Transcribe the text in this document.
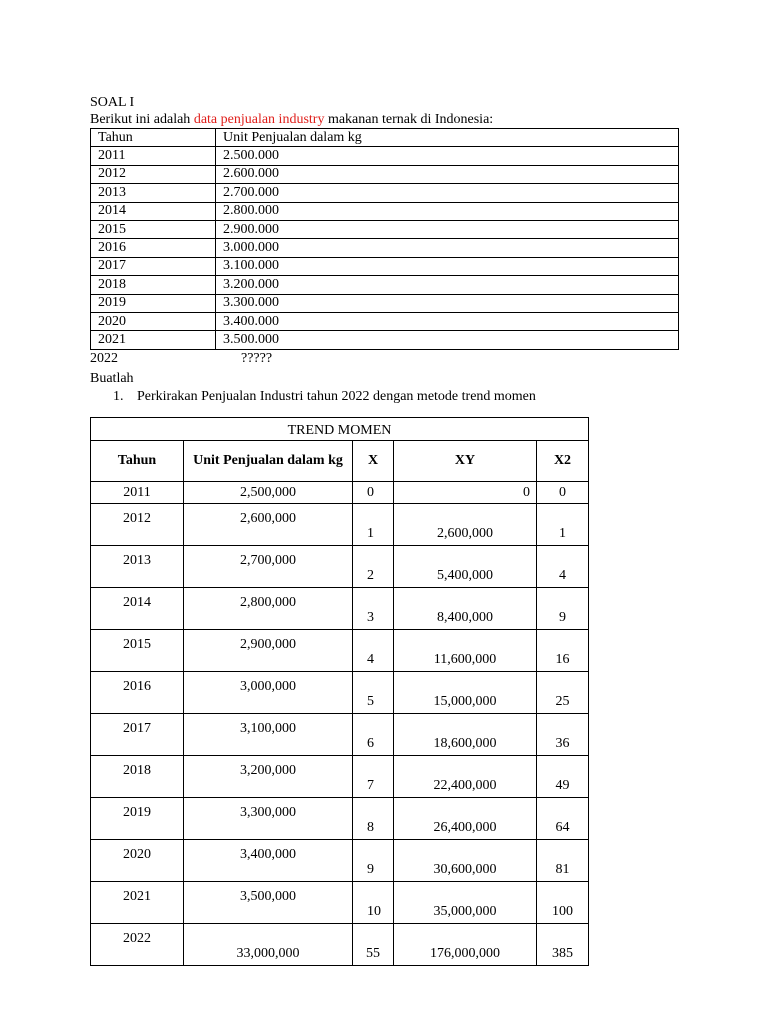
SOAL I
Berikut ini adalah data penjualan industry makanan ternak di Indonesia:
Tahun	Unit Penjualan dalam kg
2011	2.500.000
2012	2.600.000
2013	2.700.000
2014	2.800.000
2015	2.900.000
2016	3.000.000
2017	3.100.000
2018	3.200.000
2019	3.300.000
2020	3.400.000
2021	3.500.000
2022	?????
Buatlah
1. Perkirakan Penjualan Industri tahun 2022 dengan metode trend momen
TREND MOMEN				
Tahun	Unit Penjualan dalam kg	X	XY	X2
2011	2,500,000	0	0	0
2012	2,600,000	1	2,600,000	1
2013	2,700,000	2	5,400,000	4
2014	2,800,000	3	8,400,000	9
2015	2,900,000	4	11,600,000	16
2016	3,000,000	5	15,000,000	25
2017	3,100,000	6	18,600,000	36
2018	3,200,000	7	22,400,000	49
2019	3,300,000	8	26,400,000	64
2020	3,400,000	9	30,600,000	81
2021	3,500,000	10	35,000,000	100
2022	33,000,000	55	176,000,000	385
